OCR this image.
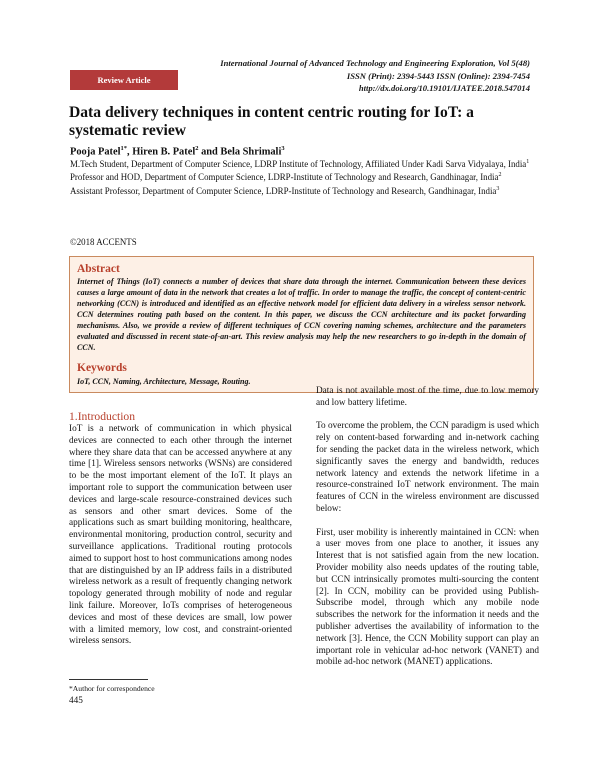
International Journal of Advanced Technology and Engineering Exploration, Vol 5(48)
ISSN (Print): 2394-5443 ISSN (Online): 2394-7454
http://dx.doi.org/10.19101/IJATEE.2018.547014
Review Article
Data delivery techniques in content centric routing for IoT: a systematic review
Pooja Patel$^{1*}$, Hiren B. Patel$^2$ and Bela Shrimali$^3$
M.Tech Student, Department of Computer Science, LDRP Institute of Technology, Affiliated Under Kadi Sarva Vidyalaya, India$^1$
Professor and HOD, Department of Computer Science, LDRP-Institute of Technology and Research, Gandhinagar, India$^2$
Assistant Professor, Department of Computer Science, LDRP-Institute of Technology and Research, Gandhinagar, India$^3$
©2018 ACCENTS
Abstract
Internet of Things (IoT) connects a number of devices that share data through the internet. Communication between these devices causes a large amount of data in the network that creates a lot of traffic. In order to manage the traffic, the concept of content-centric networking (CCN) is introduced and identified as an effective network model for efficient data delivery in a wireless sensor network. CCN determines routing path based on the content. In this paper, we discuss the CCN architecture and its packet forwarding mechanisms. Also, we provide a review of different techniques of CCN covering naming schemes, architecture and the parameters evaluated and discussed in recent state-of-an-art. This review analysis may help the new researchers to go in-depth in the domain of CCN.
Keywords
IoT, CCN, Naming, Architecture, Message, Routing.
1.Introduction

IoT is a network of communication in which physical devices are connected to each other through the internet where they share data that can be accessed anywhere at any time [1]. Wireless sensors networks (WSNs) are considered to be the most important element of the IoT. It plays an important role to support the communication between user devices and large-scale resource-constrained devices such as sensors and other smart devices. Some of the applications such as smart building monitoring, healthcare, environmental monitoring, production control, security and surveillance applications. Traditional routing protocols aimed to support host to host communications among nodes that are distinguished by an IP address fails in a distributed wireless network as a result of frequently changing network topology generated through mobility of node and regular link failure. Moreover, IoTs comprises of heterogeneous devices and most of these devices are small, low power with a limited memory, low cost, and constraint-oriented wireless sensors.

Data is not available most of the time, due to low memory and low battery lifetime.

To overcome the problem, the CCN paradigm is used which rely on content-based forwarding and in-network caching for sending the packet data in the wireless network, which significantly saves the energy and bandwidth, reduces network latency and extends the network lifetime in a resource-constrained IoT network environment. The main features of CCN in the wireless environment are discussed below:

First, user mobility is inherently maintained in CCN: when a user moves from one place to another, it issues any Interest that is not satisfied again from the new location. Provider mobility also needs updates of the routing table, but CCN intrinsically promotes multi-sourcing the content [2]. In CCN, mobility can be provided using Publish-Subscribe model, through which any mobile node subscribes the network for the information it needs and the publisher advertises the availability of information to the network [3]. Hence, the CCN Mobility support can play an important role in vehicular ad-hoc network (VANET) and mobile ad-hoc network (MANET) applications.

*Author for correspondence
445
